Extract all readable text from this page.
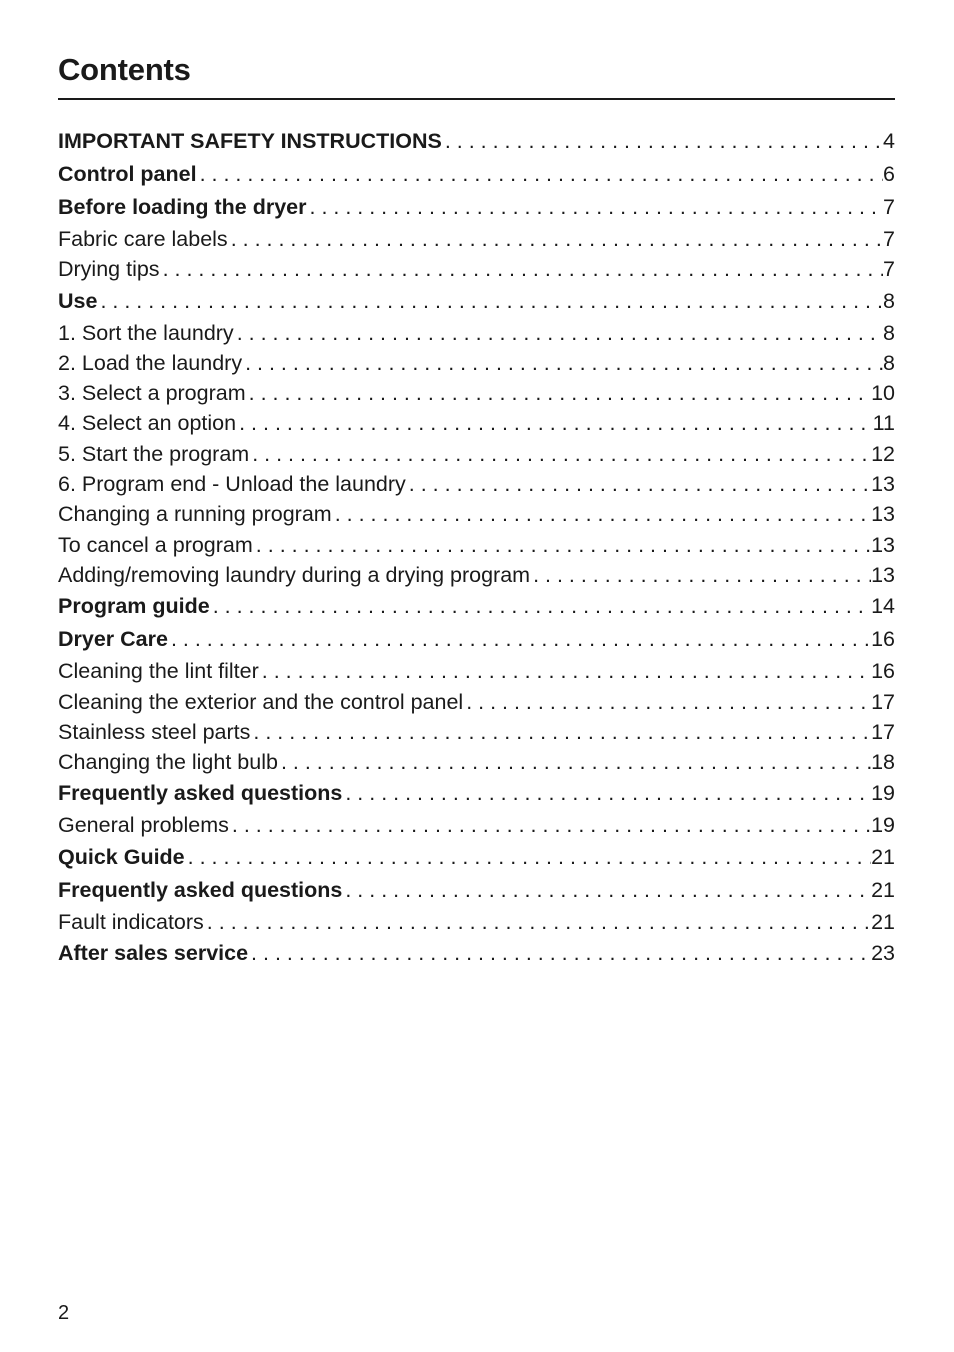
Contents
IMPORTANT SAFETY INSTRUCTIONS . . .	4
Control panel . . .	6
Before loading the dryer . . .	7
Fabric care labels . . .	7
Drying tips . . .	7
Use . . .	8
1. Sort the laundry . . .	8
2. Load the laundry . . .	8
3. Select a program . . .	10
4. Select an option . . .	11
5. Start the program . . .	12
6. Program end - Unload the laundry . . .	13
Changing a running program . . .	13
To cancel a program . . .	13
Adding/removing laundry during a drying program . . .	13
Program guide . . .	14
Dryer Care . . .	16
Cleaning the lint filter . . .	16
Cleaning the exterior and the control panel . . .	17
Stainless steel parts . . .	17
Changing the light bulb . . .	18
Frequently asked questions . . .	19
General problems . . .	19
Quick Guide . . .	21
Frequently asked questions . . .	21
Fault indicators . . .	21
After sales service . . .	23
2
